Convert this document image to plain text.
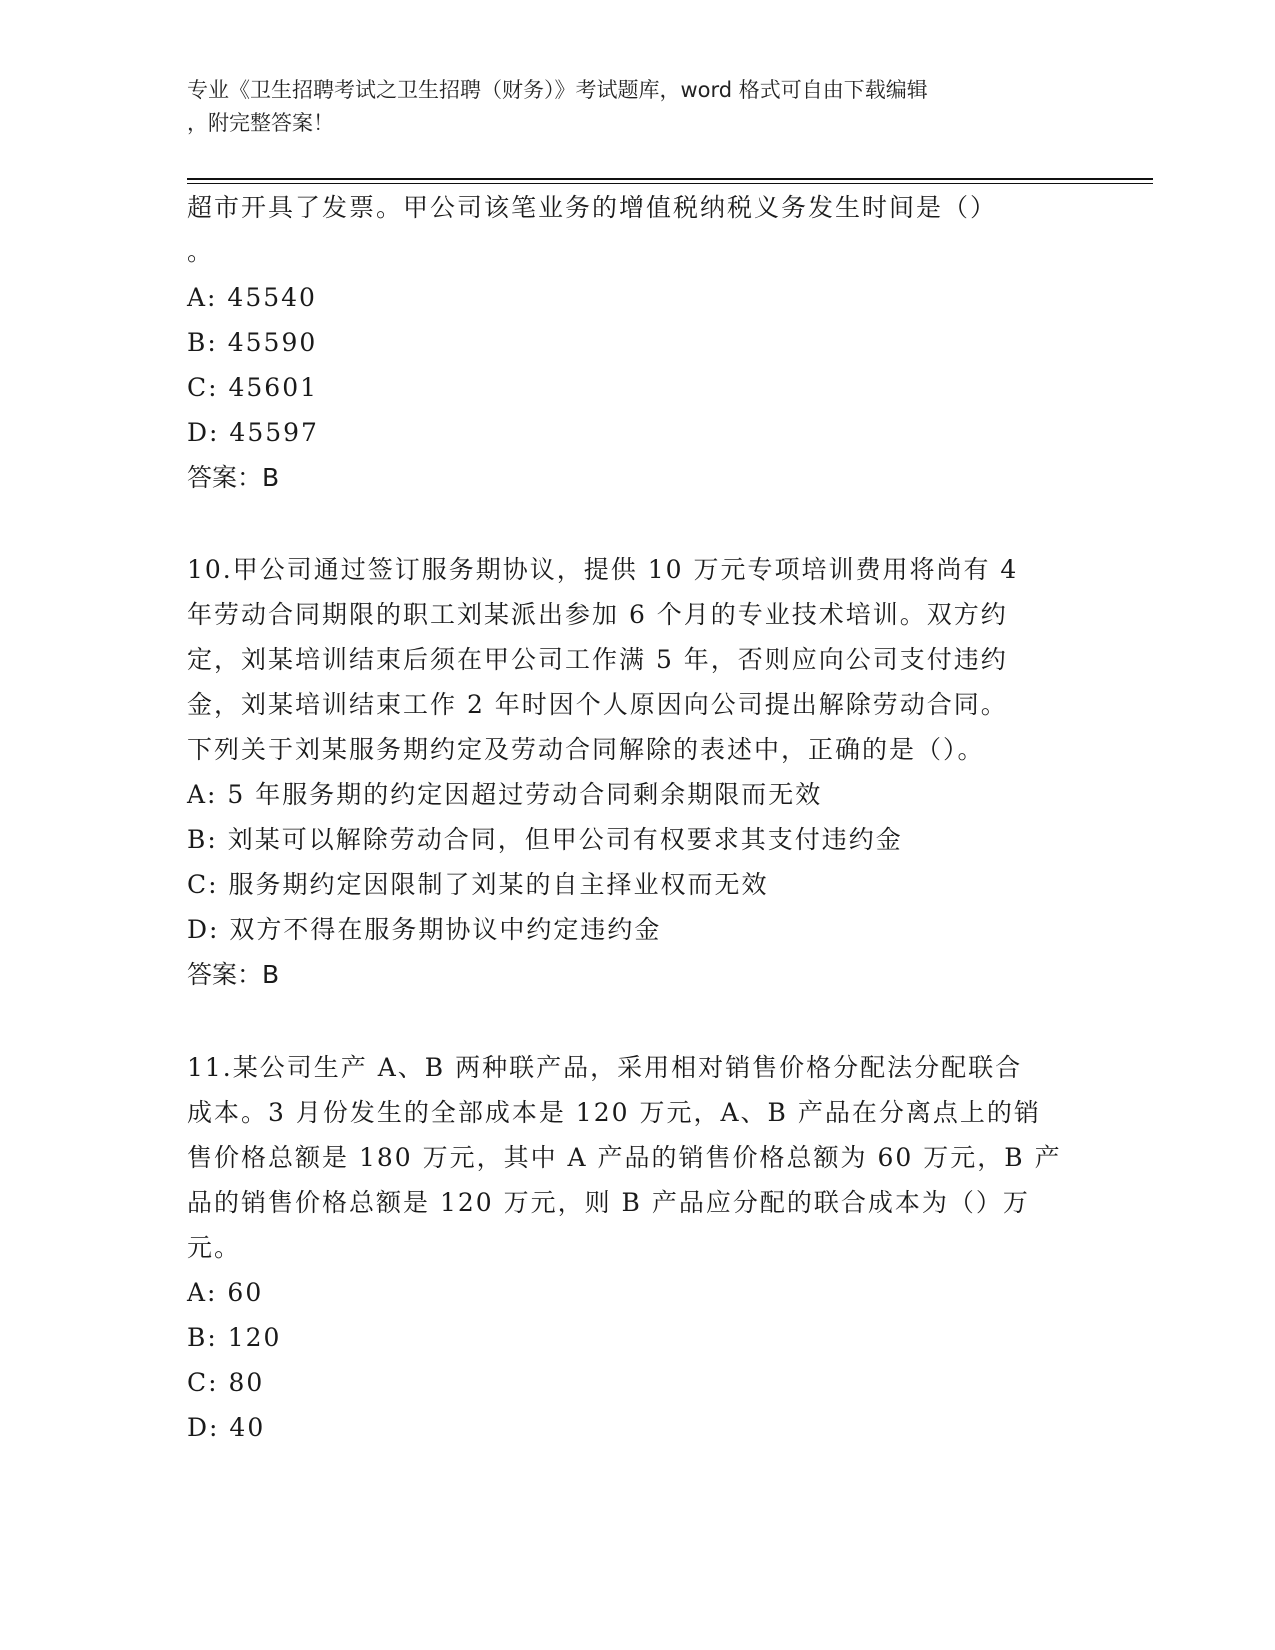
专业《卫生招聘考试之卫生招聘（财务）》考试题库，word 格式可自由下载编辑
，附完整答案！
超市开具了发票。甲公司该笔业务的增值税纳税义务发生时间是（）
。
A: 45540
B: 45590
C: 45601
D: 45597
答案：B
10.甲公司通过签订服务期协议，提供 10 万元专项培训费用将尚有 4
年劳动合同期限的职工刘某派出参加 6 个月的专业技术培训。双方约
定，刘某培训结束后须在甲公司工作满 5 年，否则应向公司支付违约
金，刘某培训结束工作 2 年时因个人原因向公司提出解除劳动合同。
下列关于刘某服务期约定及劳动合同解除的表述中，正确的是（）。
A: 5 年服务期的约定因超过劳动合同剩余期限而无效
B: 刘某可以解除劳动合同，但甲公司有权要求其支付违约金
C: 服务期约定因限制了刘某的自主择业权而无效
D: 双方不得在服务期协议中约定违约金
答案：B
11.某公司生产 A、B 两种联产品，采用相对销售价格分配法分配联合
成本。3 月份发生的全部成本是 120 万元，A、B 产品在分离点上的销
售价格总额是 180 万元，其中 A 产品的销售价格总额为 60 万元，B 产
品的销售价格总额是 120 万元，则 B 产品应分配的联合成本为（）万
元。
A: 60
B: 120
C: 80
D: 40
